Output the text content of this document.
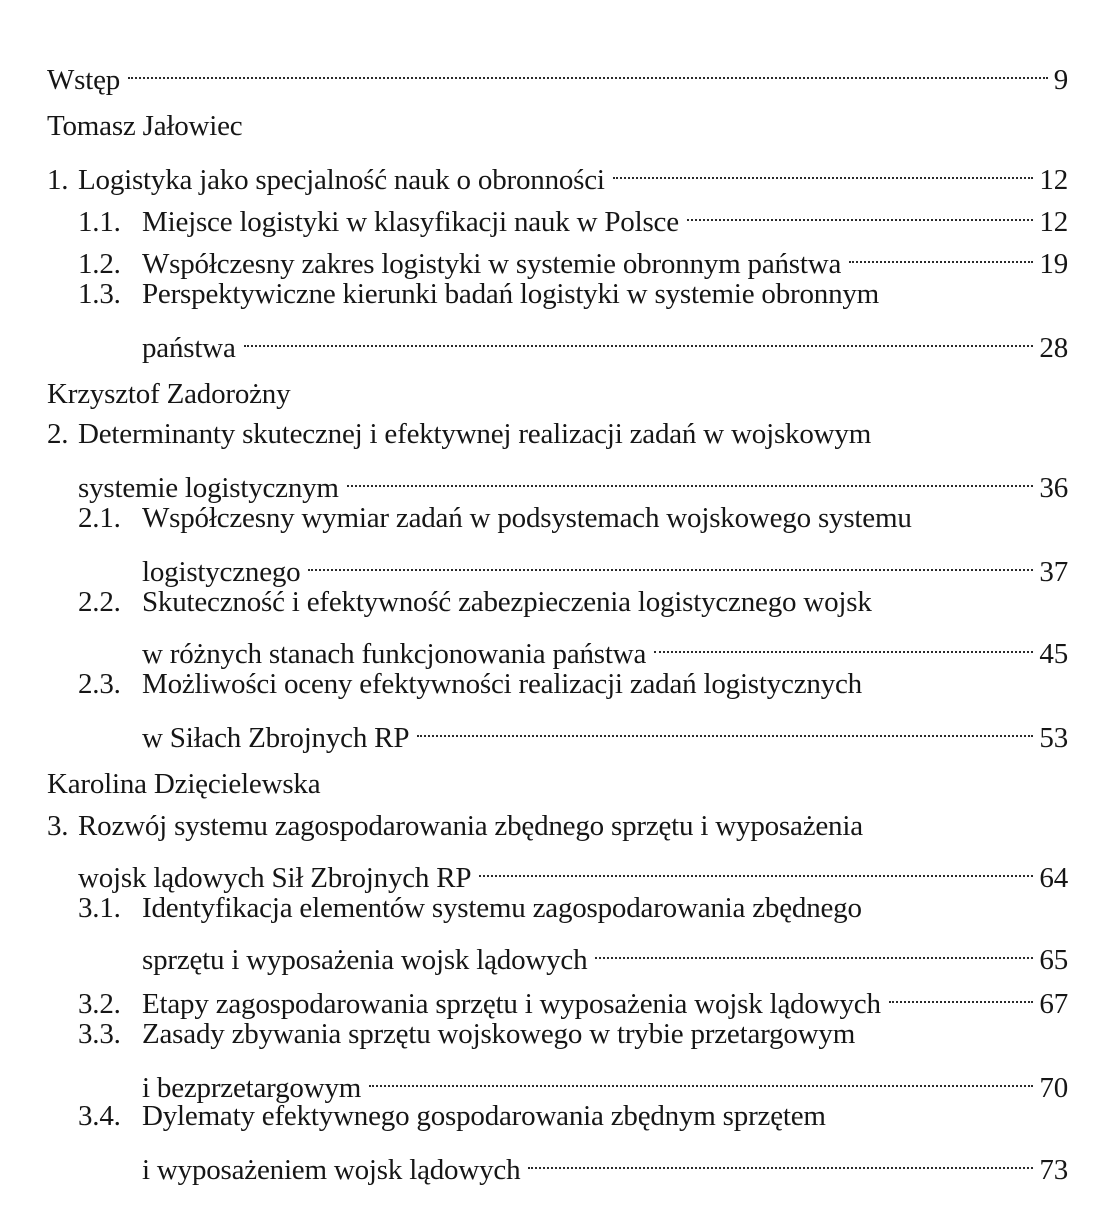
Wstęp	9
Tomasz Jałowiec
1. Logistyka jako specjalność nauk o obronności	12
1.1. Miejsce logistyki w klasyfikacji nauk w Polsce	12
1.2. Współczesny zakres logistyki w systemie obronnym państwa	19
1.3. Perspektywiczne kierunki badań logistyki w systemie obronnym
państwa	28
Krzysztof Zadorożny
2. Determinanty skutecznej i efektywnej realizacji zadań w wojskowym
systemie logistycznym	36
2.1. Współczesny wymiar zadań w podsystemach wojskowego systemu
logistycznego	37
2.2. Skuteczność i efektywność zabezpieczenia logistycznego wojsk
w różnych stanach funkcjonowania państwa	45
2.3. Możliwości oceny efektywności realizacji zadań logistycznych
w Siłach Zbrojnych RP	53
Karolina Dzięcielewska
3. Rozwój systemu zagospodarowania zbędnego sprzętu i wyposażenia
wojsk lądowych Sił Zbrojnych RP	64
3.1. Identyfikacja elementów systemu zagospodarowania zbędnego
sprzętu i wyposażenia wojsk lądowych	65
3.2. Etapy zagospodarowania sprzętu i wyposażenia wojsk lądowych	67
3.3. Zasady zbywania sprzętu wojskowego w trybie przetargowym
i bezprzetargowym	70
3.4. Dylematy efektywnego gospodarowania zbędnym sprzętem
i wyposażeniem wojsk lądowych	73
